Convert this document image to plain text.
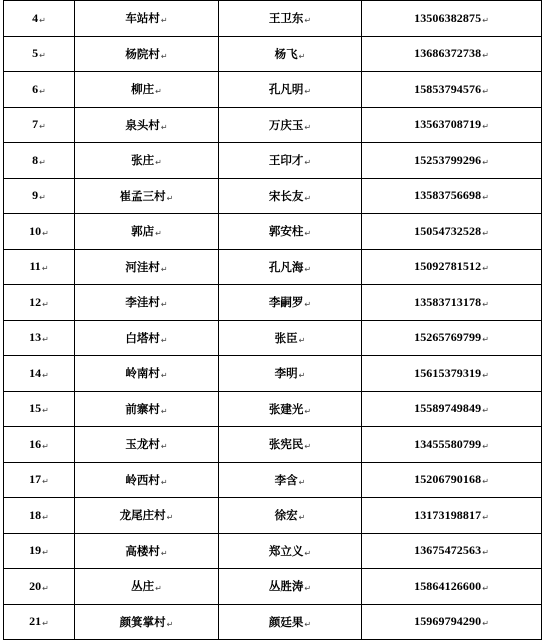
4↵	车站村↵	王卫东↵	13506382875↵
5↵	杨院村↵	杨飞↵	13686372738↵
6↵	柳庄↵	孔凡明↵	15853794576↵
7↵	泉头村↵	万庆玉↵	13563708719↵
8↵	张庄↵	王印才↵	15253799296↵
9↵	崔孟三村↵	宋长友↵	13583756698↵
10↵	郭店↵	郭安柱↵	15054732528↵
11↵	河洼村↵	孔凡海↵	15092781512↵
12↵	李洼村↵	李嗣罗↵	13583713178↵
13↵	白塔村↵	张臣↵	15265769799↵
14↵	岭南村↵	李明↵	15615379319↵
15↵	前寨村↵	张建光↵	15589749849↵
16↵	玉龙村↵	张宪民↵	13455580799↵
17↵	岭西村↵	李含↵	15206790168↵
18↵	龙尾庄村↵	徐宏↵	13173198817↵
19↵	高楼村↵	郑立义↵	13675472563↵
20↵	丛庄↵	丛胜涛↵	15864126600↵
21↵	颜箕掌村↵	颜廷果↵	15969794290↵
